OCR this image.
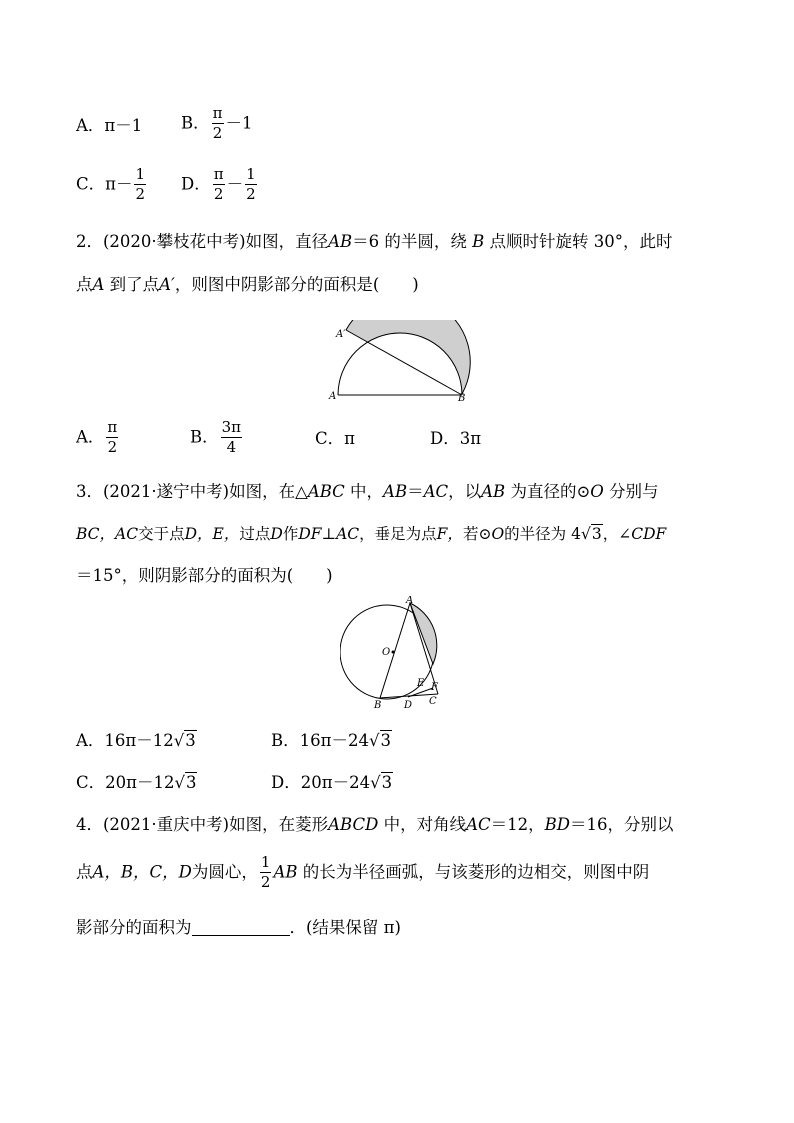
A．π－1 B． $\frac{\pi}{2} -1$
C．$\pi- \frac{1}{2}$ D． $\frac{\pi}{2} - \frac{1}{2}$
2．(2020·攀枝花中考)如图，直径AB＝6 的半圆，绕 B 点顺时针旋转 30°，此时
点A 到了点A′，则图中阴影部分的面积是(　　)
A′
A	B
A． $\frac{\pi}{2}$	B． $\frac{3\pi}{4}$	C．π	D．3π
3．(2021·遂宁中考)如图，在△ABC 中，AB＝AC，以AB 为直径的⊙O 分别与
BC，AC交于点D，E，过点D作DF⊥AC，垂足为点F，若⊙O的半径为 4√3，∠CDF
＝15°，则阴影部分的面积为(　　)
A
O
E F
B D C
A．16π－12√3	B．16π－24√3
C．20π－12√3	D．20π－24√3
4．(2021·重庆中考)如图，在菱形ABCD 中，对角线AC＝12，BD＝16，分别以
点A，B，C，D为圆心， $\frac{1}{2}$ AB 的长为半径画弧，与该菱形的边相交，则图中阴
影部分的面积为	．(结果保留 π)
